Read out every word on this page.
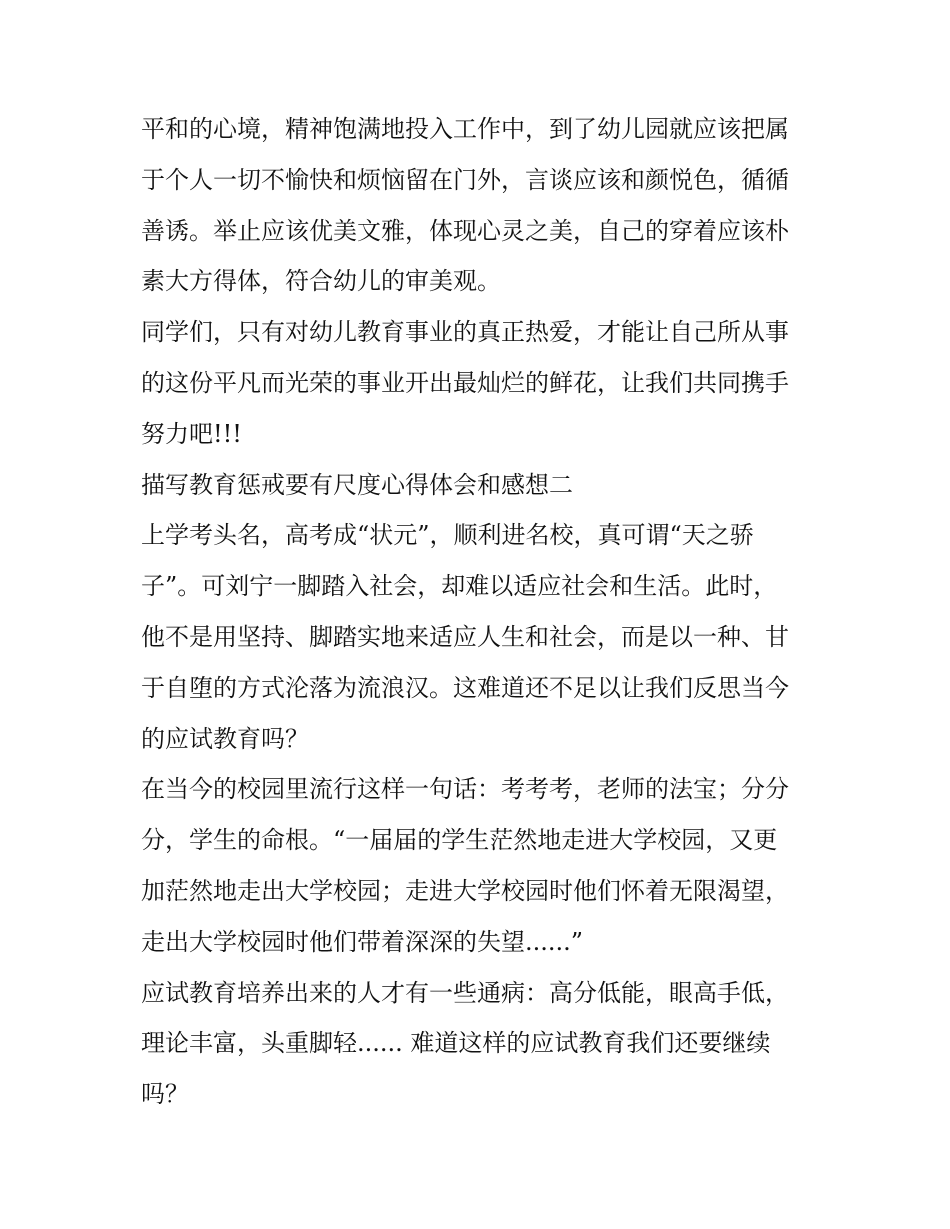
平和的心境，精神饱满地投入工作中，到了幼儿园就应该把属
于个人一切不愉快和烦恼留在门外，言谈应该和颜悦色，循循
善诱。举止应该优美文雅，体现心灵之美，自己的穿着应该朴
素大方得体，符合幼儿的审美观。
同学们，只有对幼儿教育事业的真正热爱，才能让自己所从事
的这份平凡而光荣的事业开出最灿烂的鲜花，让我们共同携手
努力吧!!!
描写教育惩戒要有尺度心得体会和感想二
上学考头名，高考成“状元”，顺利进名校，真可谓“天之骄
子”。可刘宁一脚踏入社会，却难以适应社会和生活。此时，
他不是用坚持、脚踏实地来适应人生和社会，而是以一种、甘
于自堕的方式沦落为流浪汉。这难道还不足以让我们反思当今
的应试教育吗？
在当今的校园里流行这样一句话：考考考，老师的法宝；分分
分，学生的命根。“一届届的学生茫然地走进大学校园，又更
加茫然地走出大学校园；走进大学校园时他们怀着无限渴望，
走出大学校园时他们带着深深的失望......”
应试教育培养出来的人才有一些通病：高分低能，眼高手低，
理论丰富，头重脚轻...... 难道这样的应试教育我们还要继续
吗？
